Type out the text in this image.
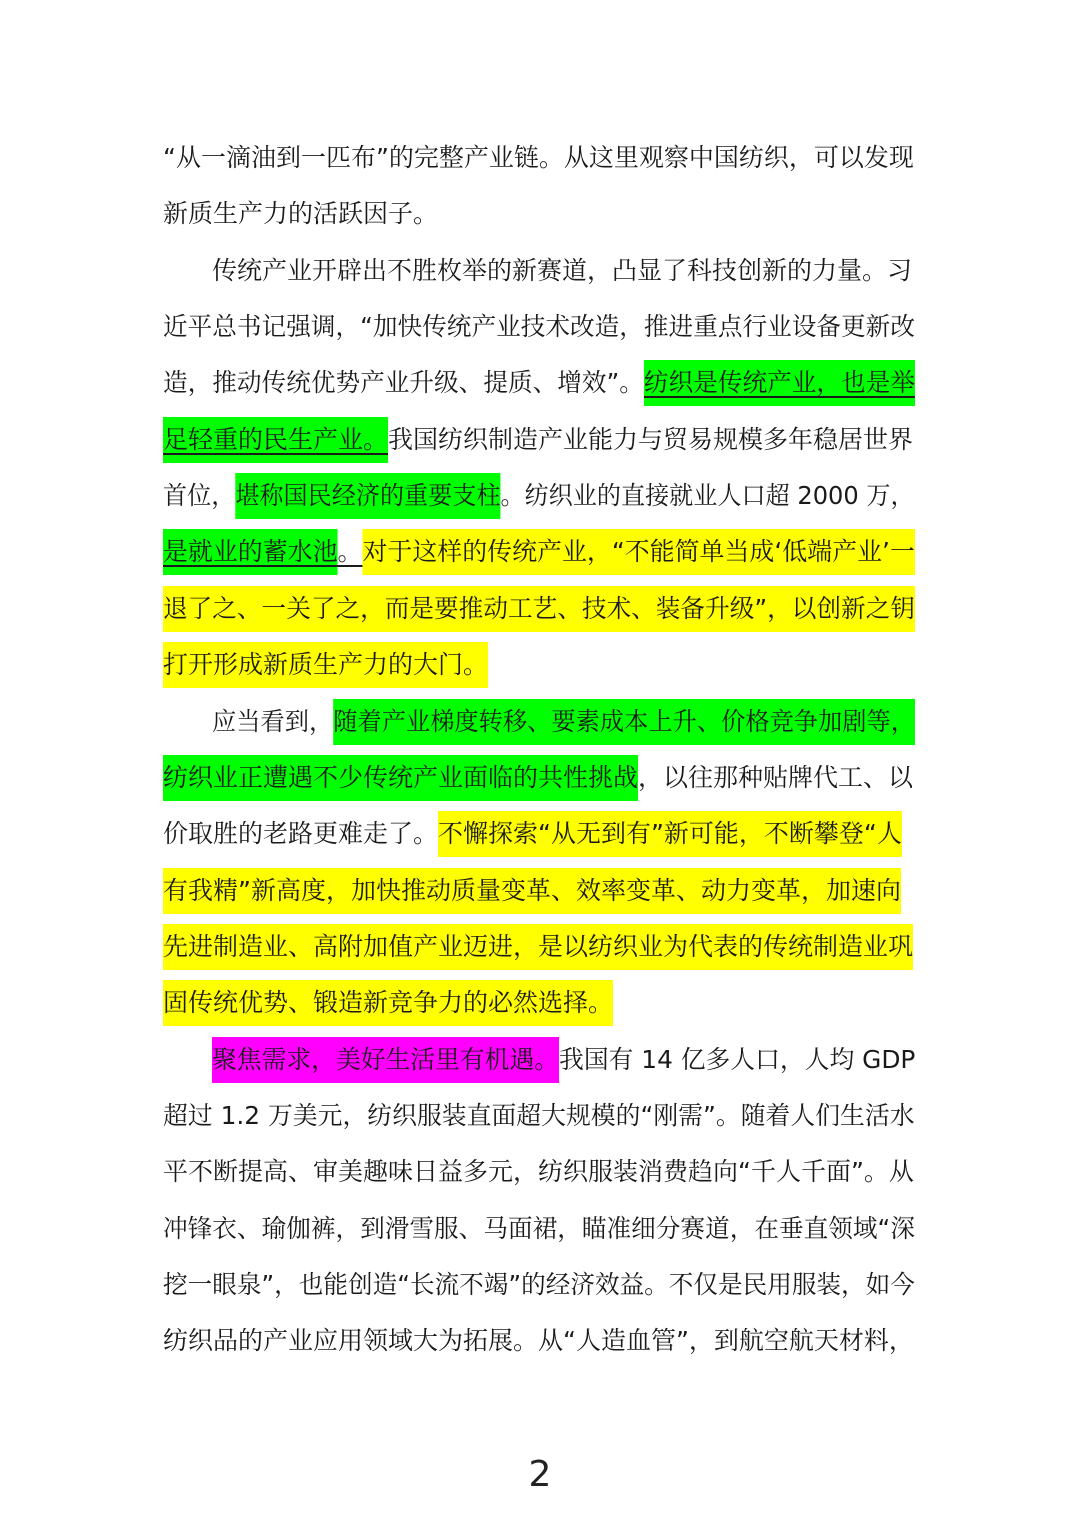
“从一滴油到一匹布”的完整产业链。从这里观察中国纺织，可以发现
新质生产力的活跃因子。
传统产业开辟出不胜枚举的新赛道，凸显了科技创新的力量。习
近平总书记强调，“加快传统产业技术改造，推进重点行业设备更新改
造，推动传统优势产业升级、提质、增效”。纺织是传统产业，也是举
足轻重的民生产业。我国纺织制造产业能力与贸易规模多年稳居世界
首位，堪称国民经济的重要支柱。纺织业的直接就业人口超 2000 万，
是就业的蓄水池。对于这样的传统产业，“不能简单当成‘低端产业’一
退了之、一关了之，而是要推动工艺、技术、装备升级”，以创新之钥
打开形成新质生产力的大门。
应当看到，随着产业梯度转移、要素成本上升、价格竞争加剧等，
纺织业正遭遇不少传统产业面临的共性挑战，以往那种贴牌代工、以
价取胜的老路更难走了。不懈探索“从无到有”新可能，不断攀登“人
有我精”新高度，加快推动质量变革、效率变革、动力变革，加速向
先进制造业、高附加值产业迈进，是以纺织业为代表的传统制造业巩
固传统优势、锻造新竞争力的必然选择。
聚焦需求，美好生活里有机遇。我国有 14 亿多人口，人均 GDP
超过 1.2 万美元，纺织服装直面超大规模的“刚需”。随着人们生活水
平不断提高、审美趣味日益多元，纺织服装消费趋向“千人千面”。从
冲锋衣、瑜伽裤，到滑雪服、马面裙，瞄准细分赛道，在垂直领域“深
挖一眼泉”，也能创造“长流不竭”的经济效益。不仅是民用服装，如今
纺织品的产业应用领域大为拓展。从“人造血管”，到航空航天材料，
2
